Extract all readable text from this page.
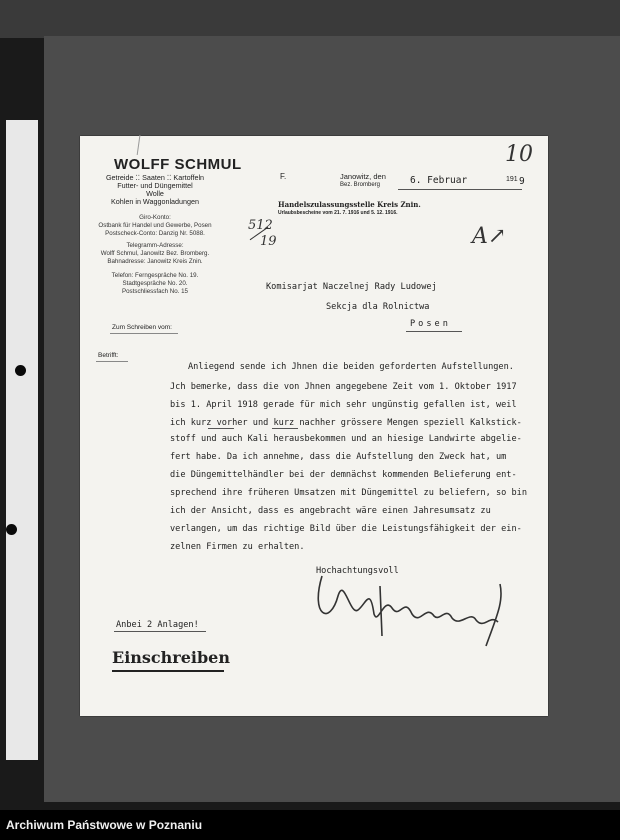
WOLFF SCHMUL
Getreide ⁚⁚ Saaten ⁚⁚ Kartoffeln
Futter- und Düngemittel
Wolle
Kohlen in Waggonladungen
Giro-Konto:
Ostbank für Handel und Gewerbe, Posen
Postscheck-Conto: Danzig Nr. 5088.
Telegramm-Adresse:
Wolff Schmul, Janowitz Bez. Bromberg.
Bahnadresse: Janowitz Kreis Znin.
Telefon: Ferngespräche No. 19.
Stadtgespräche No. 20.
Postschliessfach No. 15
512
19
10
A↗
F.	Janowitz, den
Bez. Bromberg	6. Februar	191 9
Handelszulassungsstelle Kreis Znin.
Urlaubsbescheine vom 21. 7. 1916 und 5. 12. 1916.
Komisarjat Naczelnej Rady Ludowej
Sekcja dla Rolnictwa
Posen
Zum Schreiben vom:
Betrifft:
Anliegend sende ich Jhnen die beiden geforderten Aufstellungen.
Jch bemerke, dass die von Jhnen angegebene Zeit vom 1. Oktober 1917
bis 1. April 1918 gerade für mich sehr ungünstig gefallen ist, weil
ich kurz vorher und kurz nachher grössere Mengen speziell Kalkstick-
stoff und auch Kali herausbekommen und an hiesige Landwirte abgelie-
fert habe. Da ich annehme, dass die Aufstellung den Zweck hat, um
die Düngemittelhändler bei der demnächst kommenden Belieferung ent-
sprechend ihre früheren Umsatzen mit Düngemittel zu beliefern, so bin
ich der Ansicht, dass es angebracht wäre einen Jahresumsatz zu
verlangen, um das richtige Bild über die Leistungsfähigkeit der ein-
zelnen Firmen zu erhalten.
Hochachtungsvoll
Anbei 2 Anlagen!
Einschreiben
Archiwum Państwowe w Poznaniu
